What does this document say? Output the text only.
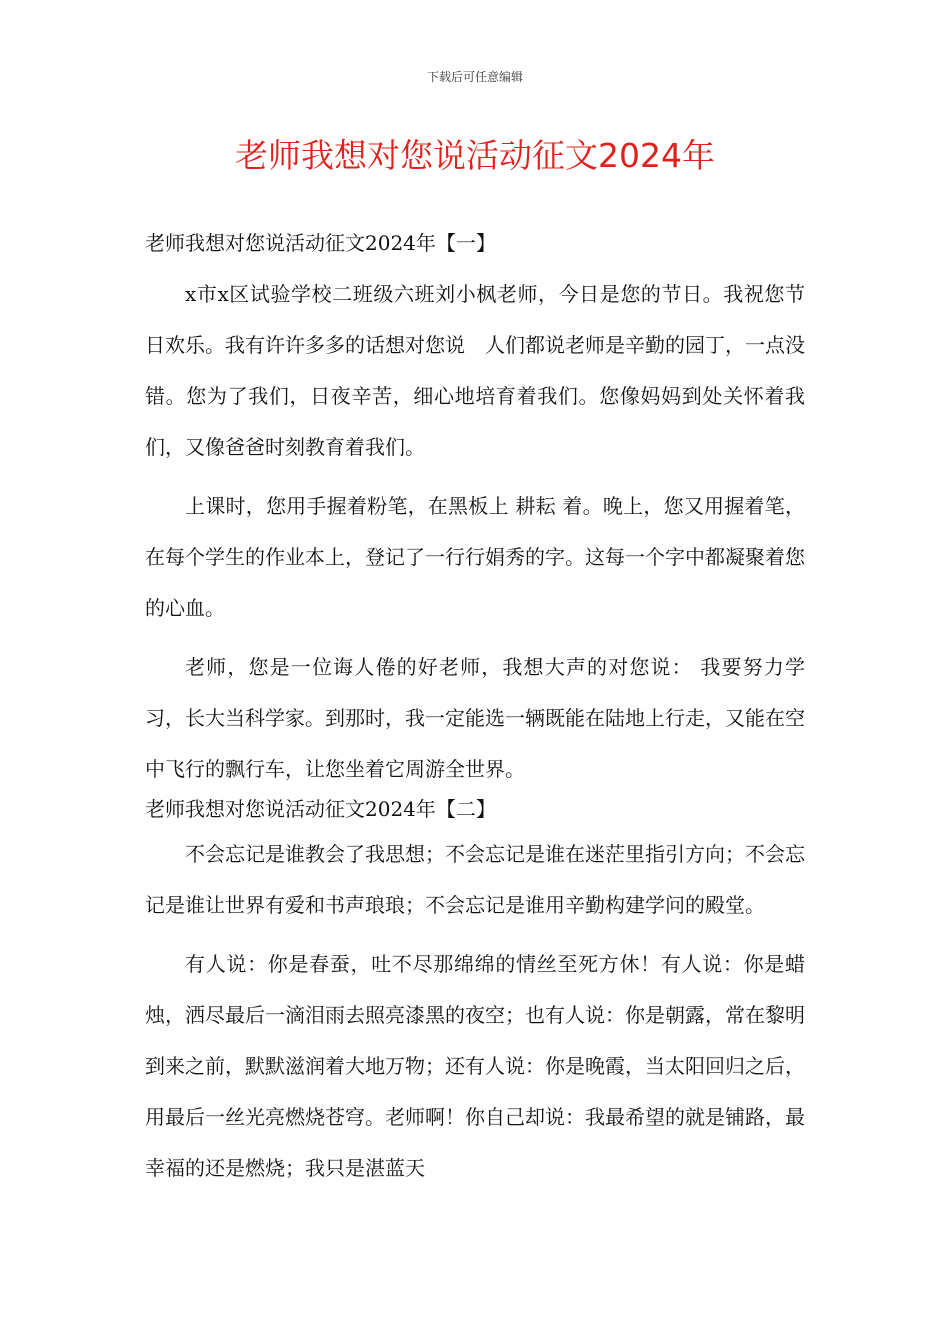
下载后可任意编辑
老师我想对您说活动征文2024年
老师我想对您说活动征文2024年【一】

x市x区试验学校二班级六班刘小枫老师，今日是您的节日。我祝您节日欢乐。我有许许多多的话想对您说　人们都说老师是辛勤的园丁，一点没错。您为了我们，日夜辛苦，细心地培育着我们。您像妈妈到处关怀着我们，又像爸爸时刻教育着我们。

上课时，您用手握着粉笔，在黑板上 耕耘 着。晚上，您又用握着笔，在每个学生的作业本上，登记了一行行娟秀的字。这每一个字中都凝聚着您的心血。

老师，您是一位诲人倦的好老师，我想大声的对您说： 我要努力学习，长大当科学家。到那时，我一定能选一辆既能在陆地上行走，又能在空中飞行的飘行车，让您坐着它周游全世界。

老师我想对您说活动征文2024年【二】

不会忘记是谁教会了我思想；不会忘记是谁在迷茫里指引方向；不会忘记是谁让世界有爱和书声琅琅；不会忘记是谁用辛勤构建学问的殿堂。

有人说：你是春蚕，吐不尽那绵绵的情丝至死方休！有人说：你是蜡烛，洒尽最后一滴泪雨去照亮漆黑的夜空；也有人说：你是朝露，常在黎明到来之前，默默滋润着大地万物；还有人说：你是晚霞，当太阳回归之后，用最后一丝光亮燃烧苍穹。老师啊！你自己却说：我最希望的就是铺路，最幸福的还是燃烧；我只是湛蓝天
